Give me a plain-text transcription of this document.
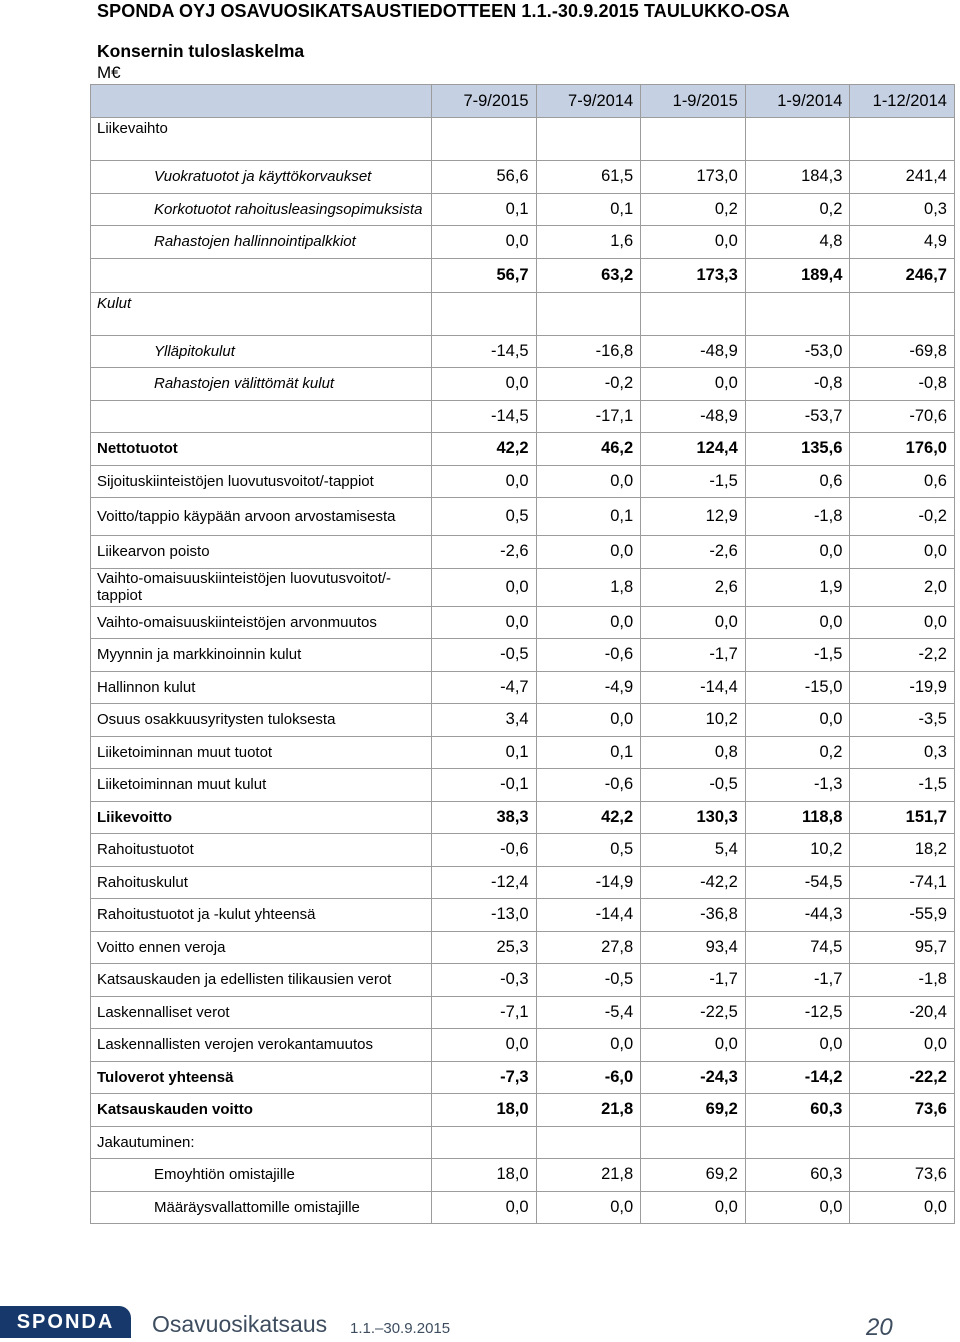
SPONDA OYJ OSAVUOSIKATSAUSTIEDOTTEEN 1.1.-30.9.2015 TAULUKKO-OSA
Konsernin tuloslaskelma
M€
	7-9/2015	7-9/2014	1-9/2015	1-9/2014	1-12/2014
Liikevaihto					
Vuokratuotot ja käyttökorvaukset	56,6	61,5	173,0	184,3	241,4
Korkotuotot rahoitusleasingsopimuksista	0,1	0,1	0,2	0,2	0,3
Rahastojen hallinnointipalkkiot	0,0	1,6	0,0	4,8	4,9
	56,7	63,2	173,3	189,4	246,7
Kulut					
Ylläpitokulut	-14,5	-16,8	-48,9	-53,0	-69,8
Rahastojen välittömät kulut	0,0	-0,2	0,0	-0,8	-0,8
	-14,5	-17,1	-48,9	-53,7	-70,6
Nettotuotot	42,2	46,2	124,4	135,6	176,0
Sijoituskiinteistöjen luovutusvoitot/-tappiot	0,0	0,0	-1,5	0,6	0,6
Voitto/tappio käypään arvoon arvostamisesta	0,5	0,1	12,9	-1,8	-0,2
Liikearvon poisto	-2,6	0,0	-2,6	0,0	0,0
Vaihto-omaisuuskiinteistöjen luovutusvoitot/-tappiot	0,0	1,8	2,6	1,9	2,0
Vaihto-omaisuuskiinteistöjen arvonmuutos	0,0	0,0	0,0	0,0	0,0
Myynnin ja markkinoinnin kulut	-0,5	-0,6	-1,7	-1,5	-2,2
Hallinnon kulut	-4,7	-4,9	-14,4	-15,0	-19,9
Osuus osakkuusyritysten tuloksesta	3,4	0,0	10,2	0,0	-3,5
Liiketoiminnan muut tuotot	0,1	0,1	0,8	0,2	0,3
Liiketoiminnan muut kulut	-0,1	-0,6	-0,5	-1,3	-1,5
Liikevoitto	38,3	42,2	130,3	118,8	151,7
Rahoitustuotot	-0,6	0,5	5,4	10,2	18,2
Rahoituskulut	-12,4	-14,9	-42,2	-54,5	-74,1
Rahoitustuotot ja -kulut yhteensä	-13,0	-14,4	-36,8	-44,3	-55,9
Voitto ennen veroja	25,3	27,8	93,4	74,5	95,7
Katsauskauden ja edellisten tilikausien verot	-0,3	-0,5	-1,7	-1,7	-1,8
Laskennalliset verot	-7,1	-5,4	-22,5	-12,5	-20,4
Laskennallisten verojen verokantamuutos	0,0	0,0	0,0	0,0	0,0
Tuloverot yhteensä	-7,3	-6,0	-24,3	-14,2	-22,2
Katsauskauden voitto	18,0	21,8	69,2	60,3	73,6
Jakautuminen:					
Emoyhtiön omistajille	18,0	21,8	69,2	60,3	73,6
Määräysvallattomille omistajille	0,0	0,0	0,0	0,0	0,0
SPONDA	Osavuosikatsaus 1.1.–30.9.2015	20
